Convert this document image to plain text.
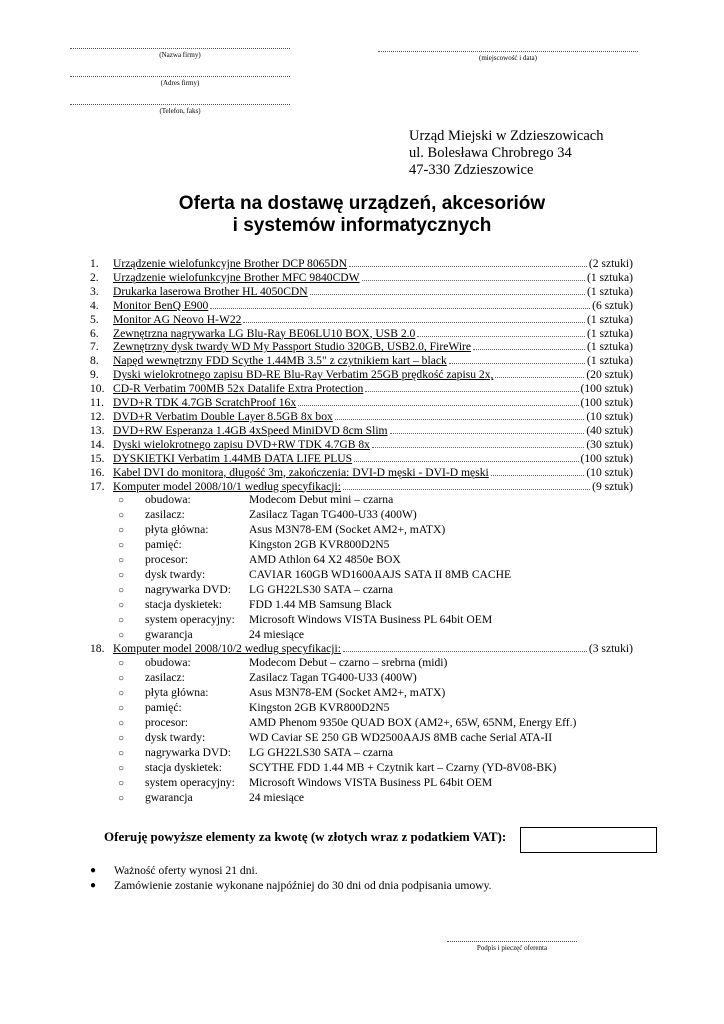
(Nazwa firmy)
(Adres firmy)
(Telefon, faks)
(miejscowość i data)
Urząd Miejski w Zdzieszowicach
ul. Bolesława Chrobrego 34
47-330 Zdzieszowice
Oferta na dostawę urządzeń, akcesoriów
i systemów informatycznych
1.	Urządzenie wielofunkcyjne Brother DCP 8065DN	(2 sztuki)
2.	Urządzenie wielofunkcyjne Brother MFC 9840CDW	(1 sztuka)
3.	Drukarka laserowa Brother HL 4050CDN	(1 sztuka)
4.	Monitor BenQ E900	(6 sztuk)
5.	Monitor AG Neovo H-W22	(1 sztuka)
6.	Zewnętrzna nagrywarka LG Blu-Ray BE06LU10 BOX, USB 2.0	(1 sztuka)
7.	Zewnętrzny dysk twardy WD My Passport Studio 320GB, USB2.0, FireWire	(1 sztuka)
8.	Napęd wewnętrzny FDD Scythe 1.44MB 3.5" z czytnikiem kart – black	(1 sztuka)
9.	Dyski wielokrotnego zapisu BD-RE Blu-Ray Verbatim 25GB prędkość zapisu 2x,	(20 sztuk)
10. CD-R Verbatim 700MB 52x Datalife Extra Protection	(100 sztuk)
11. DVD+R TDK 4.7GB ScratchProof 16x	(100 sztuk)
12. DVD+R Verbatim Double Layer 8.5GB 8x box	(10 sztuk)
13. DVD+RW Esperanza 1.4GB 4xSpeed MiniDVD 8cm Slim	(40 sztuk)
14. Dyski wielokrotnego zapisu DVD+RW TDK 4.7GB 8x	(30 sztuk)
15. DYSKIETKI Verbatim 1.44MB DATA LIFE PLUS	(100 sztuk)
16. Kabel DVI do monitora, długość 3m, zakończenia: DVI-D męski - DVI-D męski	(10 sztuk)
17. Komputer model 2008/10/1 według specyfikacji:	(9 sztuk)
○	obudowa:	Modecom Debut mini – czarna
○	zasilacz:	Zasilacz Tagan TG400-U33 (400W)
○	płyta główna:	Asus M3N78-EM (Socket AM2+, mATX)
○	pamięć:	Kingston 2GB KVR800D2N5
○	procesor:	AMD Athlon 64 X2 4850e BOX
○	dysk twardy:	CAVIAR 160GB WD1600AAJS SATA II 8MB CACHE
○	nagrywarka DVD:	LG GH22LS30 SATA – czarna
○	stacja dyskietek:	FDD 1.44 MB Samsung Black
○	system operacyjny:	Microsoft Windows VISTA Business PL 64bit OEM
○	gwarancja	24 miesiące
18. Komputer model 2008/10/2 według specyfikacji:	(3 sztuki)
○	obudowa:	Modecom Debut – czarno – srebrna (midi)
○	zasilacz:	Zasilacz Tagan TG400-U33 (400W)
○	płyta główna:	Asus M3N78-EM (Socket AM2+, mATX)
○	pamięć:	Kingston 2GB KVR800D2N5
○	procesor:	AMD Phenom 9350e QUAD BOX (AM2+, 65W, 65NM, Energy Eff.)
○	dysk twardy:	WD Caviar SE 250 GB WD2500AAJS 8MB cache Serial ATA-II
○	nagrywarka DVD:	LG GH22LS30 SATA – czarna
○	stacja dyskietek:	SCYTHE FDD 1.44 MB + Czytnik kart – Czarny (YD-8V08-BK)
○	system operacyjny:	Microsoft Windows VISTA Business PL 64bit OEM
○	gwarancja	24 miesiące
Oferuję powyższe elementy za kwotę (w złotych wraz z podatkiem VAT):
●	Ważność oferty wynosi 21 dni.
●	Zamówienie zostanie wykonane najpóźniej do 30 dni od dnia podpisania umowy.
Podpis i pieczęć oferenta
